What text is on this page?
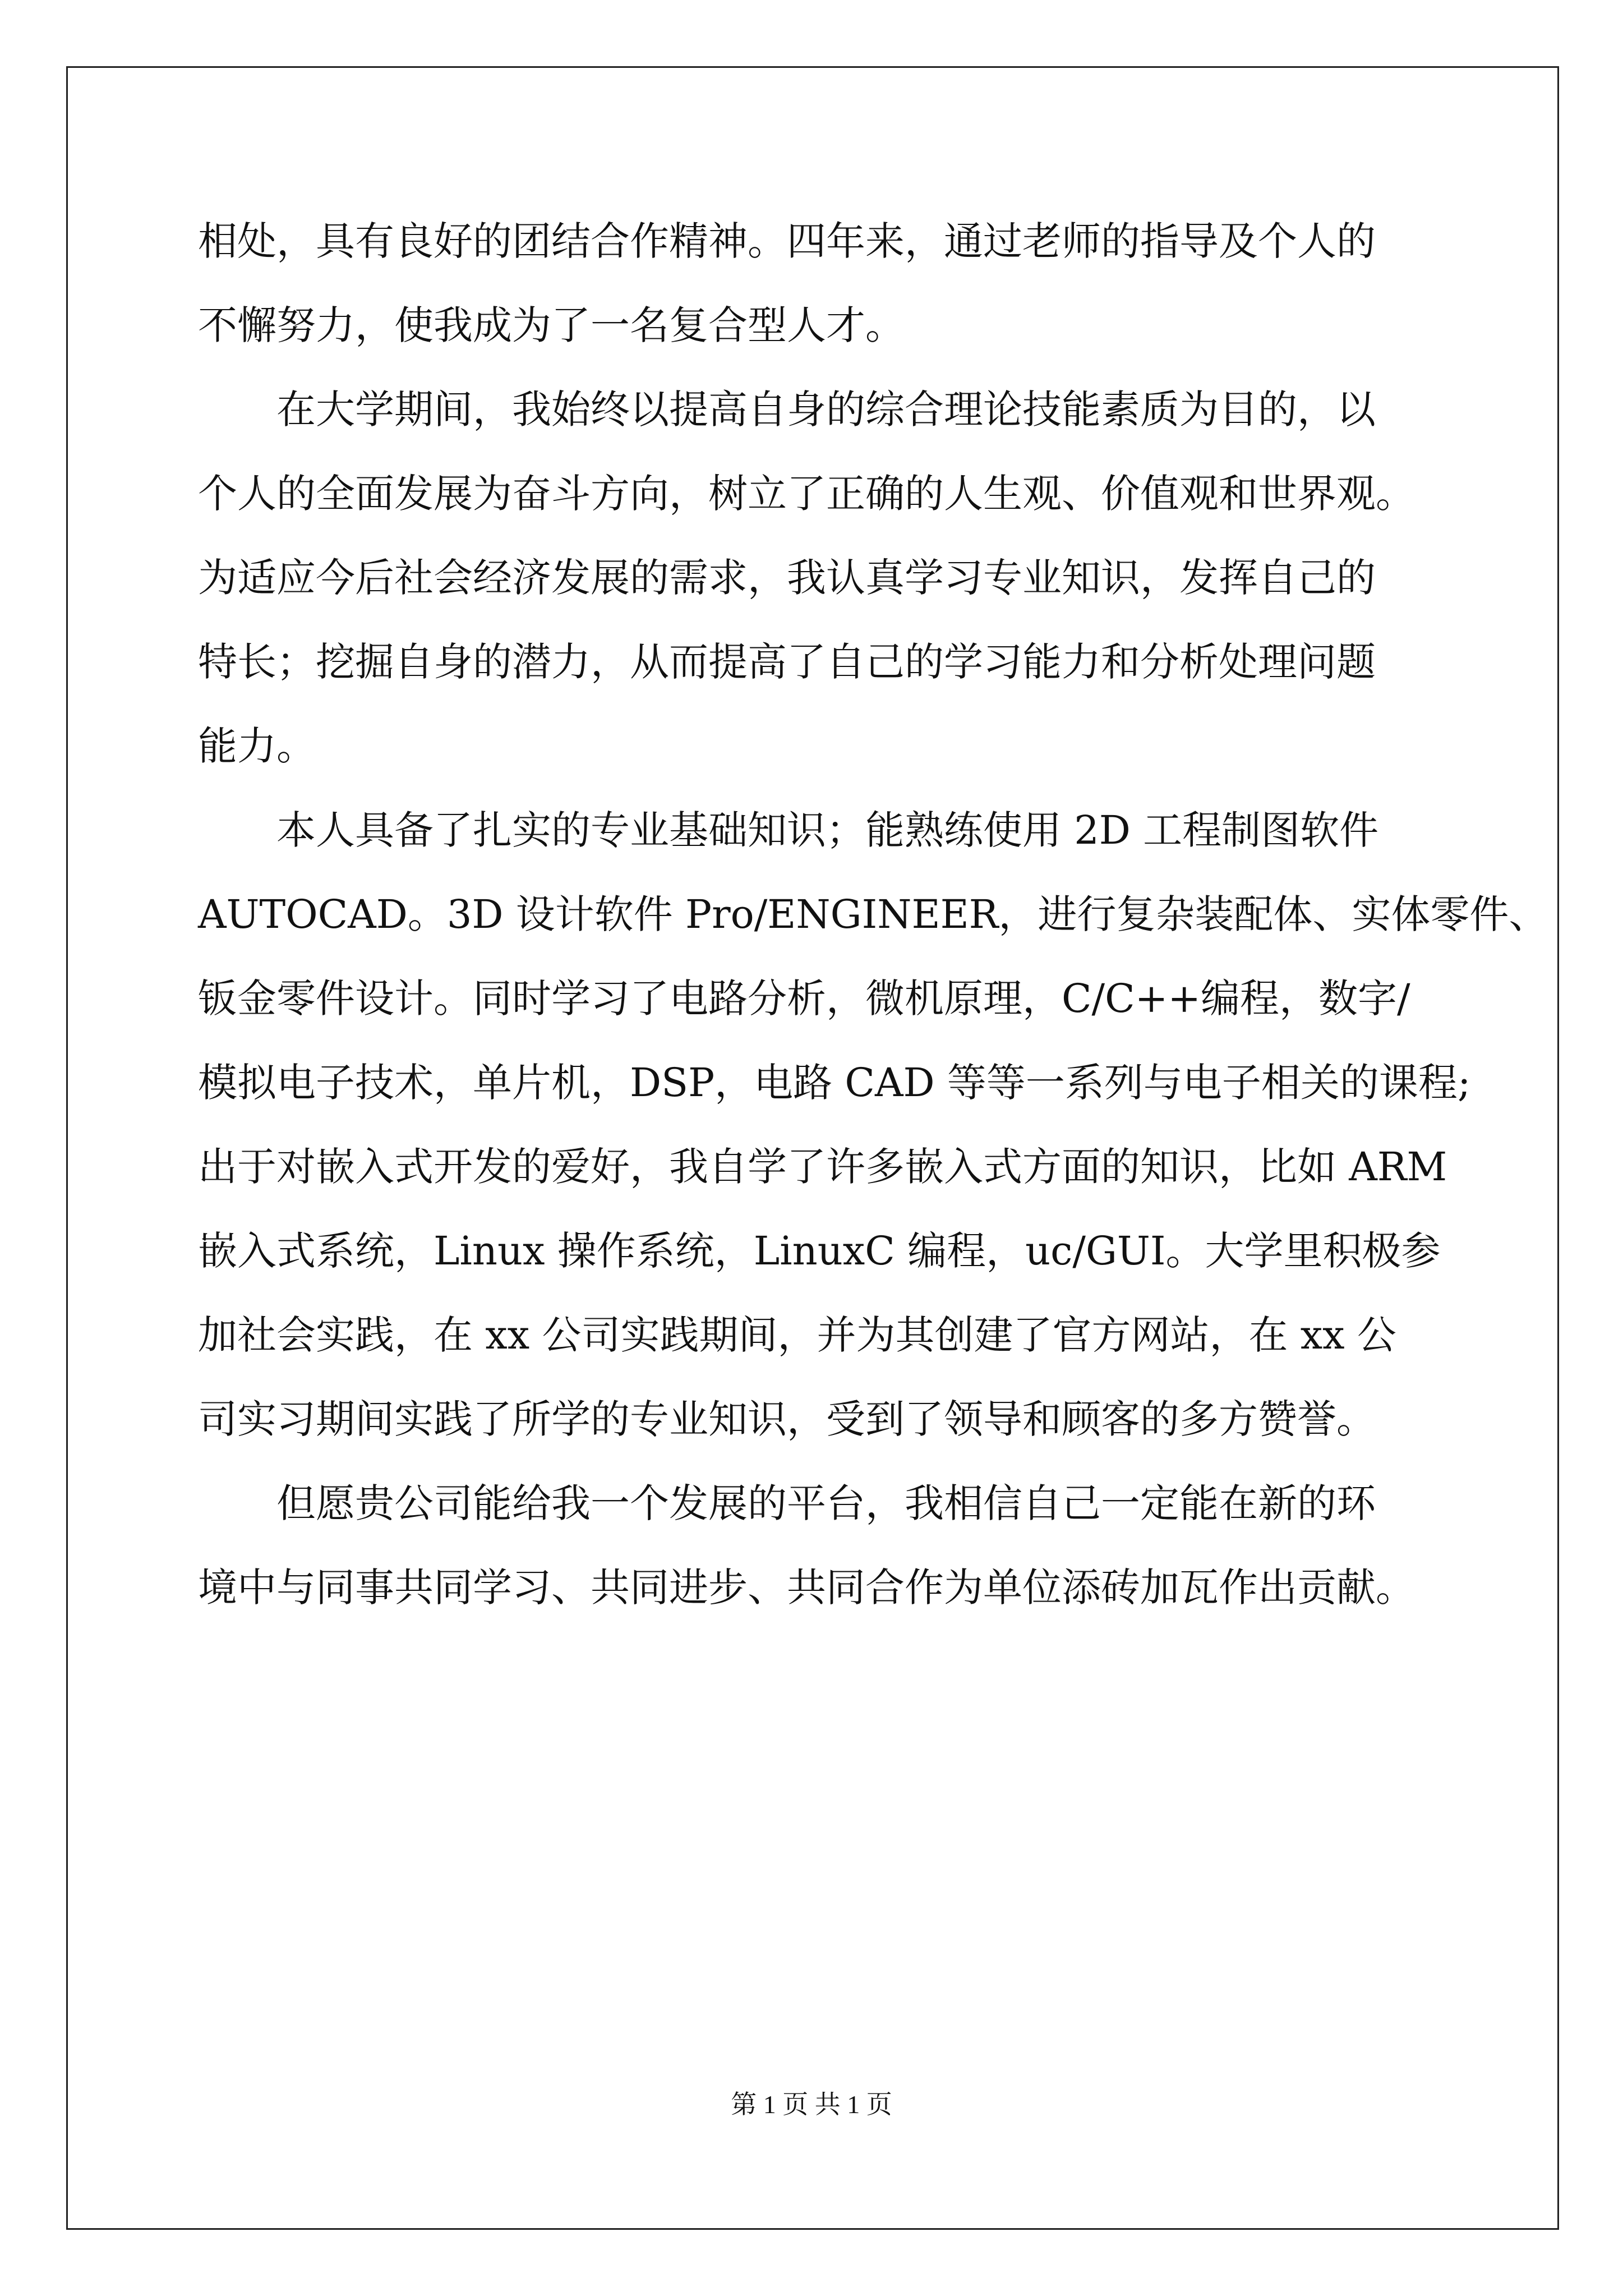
相处，具有良好的团结合作精神。四年来，通过老师的指导及个人的
不懈努力，使我成为了一名复合型人才。
在大学期间，我始终以提高自身的综合理论技能素质为目的，以
个人的全面发展为奋斗方向，树立了正确的人生观、价值观和世界观。
为适应今后社会经济发展的需求，我认真学习专业知识，发挥自己的
特长；挖掘自身的潜力，从而提高了自己的学习能力和分析处理问题
能力。
本人具备了扎实的专业基础知识；能熟练使用 2D 工程制图软件
AUTOCAD。3D 设计软件 Pro/ENGINEER，进行复杂装配体、实体零件、
钣金零件设计。同时学习了电路分析，微机原理，C/C++编程，数字/
模拟电子技术，单片机，DSP，电路 CAD 等等一系列与电子相关的课程;
出于对嵌入式开发的爱好，我自学了许多嵌入式方面的知识，比如 ARM
嵌入式系统，Linux 操作系统，LinuxC 编程，uc/GUI。大学里积极参
加社会实践，在 xx 公司实践期间，并为其创建了官方网站，在 xx 公
司实习期间实践了所学的专业知识，受到了领导和顾客的多方赞誉。
但愿贵公司能给我一个发展的平台，我相信自己一定能在新的环
境中与同事共同学习、共同进步、共同合作为单位添砖加瓦作出贡献。
第 1 页 共 1 页
